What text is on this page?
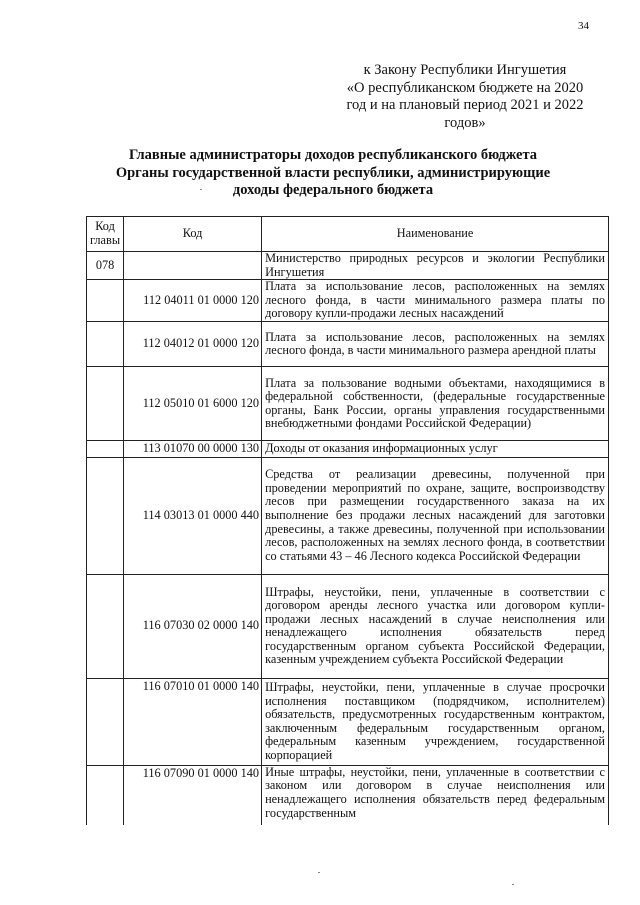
34
к Закону Республики Ингушетия
«О республиканском бюджете на 2020
год и на плановый период 2021 и 2022
годов»
Главные администраторы доходов республиканского бюджета
Органы государственной власти республики, администрирующие
доходы федерального бюджета
Код главы	Код	Наименование
078		Министерство природных ресурсов и экологии Республики Ингушетия
	112 04011 01 0000 120	Плата за использование лесов, расположенных на землях лесного фонда, в части минимального размера платы по договору купли-продажи лесных насаждений
	112 04012 01 0000 120	Плата за использование лесов, расположенных на землях лесного фонда, в части минимального размера арендной платы
	112 05010 01 6000 120	Плата за пользование водными объектами, находящимися в федеральной собственности, (федеральные государственные органы, Банк России, органы управления государственными внебюджетными фондами Российской Федерации)
	113 01070 00 0000 130	Доходы от оказания информационных услуг
	114 03013 01 0000 440	Средства от реализации древесины, полученной при проведении мероприятий по охране, защите, воспроизводству лесов при размещении государственного заказа на их выполнение без продажи лесных насаждений для заготовки древесины, а также древесины, полученной при использовании лесов, расположенных на землях лесного фонда, в соответствии со статьями 43 – 46 Лесного кодекса Российской Федерации
	116 07030 02 0000 140	Штрафы, неустойки, пени, уплаченные в соответствии с договором аренды лесного участка или договором купли-продажи лесных насаждений в случае неисполнения или ненадлежащего исполнения обязательств перед государственным органом субъекта Российской Федерации, казенным учреждением субъекта Российской Федерации
	116 07010 01 0000 140	Штрафы, неустойки, пени, уплаченные в случае просрочки исполнения поставщиком (подрядчиком, исполнителем) обязательств, предусмотренных государственным контрактом, заключенным федеральным государственным органом, федеральным казенным учреждением, государственной корпорацией
	116 07090 01 0000 140	Иные штрафы, неустойки, пени, уплаченные в соответствии с законом или договором в случае неисполнения или ненадлежащего исполнения обязательств перед федеральным государственным
